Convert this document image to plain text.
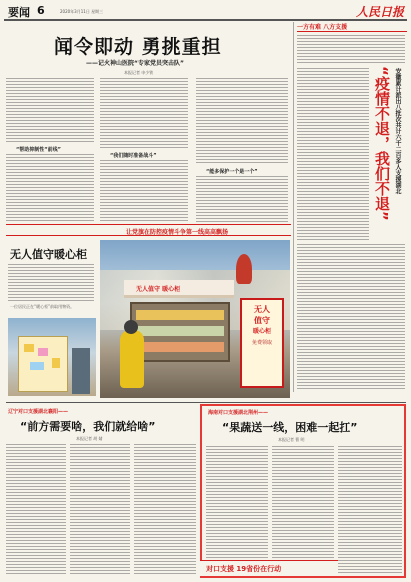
要闻 6	2020年3月11日 星期三	人民日报
闻令即动 勇挑重担
——记火神山医院“专家党员突击队”
本报记者 申少铁
“帮助抑制性“前线”
“我们随时准备战斗”
“能多保护一个是一个”
一方有难 八方支援
“疫情不退，我们不退” 安徽累计派出八批次共计六千二百多人支援湖北
让党旗在防控疫情斗争第一线高高飘扬
无人值守暖心柜
一位居民正在“暖心柜”前取用物资。
无人值守 暖心柜
无人
值守
暖心柜
免费领取
辽宁对口支援湖北襄阳——
“前方需要啥，我们就给啥”
本报记者 胡 婧
海南对口支援湖北荆州——
“果蔬送一线，困难一起扛”
本报记者 曹 明
对口支援 19省份在行动
